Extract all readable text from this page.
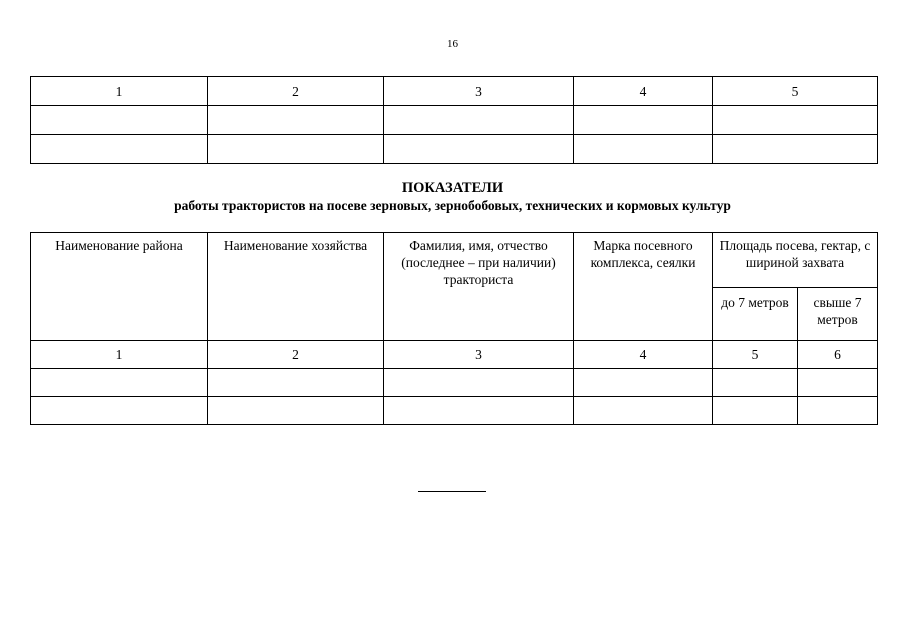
16
1	2	3	4	5

ПОКАЗАТЕЛИ
работы трактористов на посеве зерновых, зернобобовых, технических и кормовых культур
Наименование района	Наименование хозяйства	Фамилия, имя, отчество (последнее – при наличии) тракториста	Марка посевного комплекса, сеялки	Площадь посева, гектар, с шириной захвата	
				до 7 метров	свыше 7 метров
1	2	3	4	5	6
